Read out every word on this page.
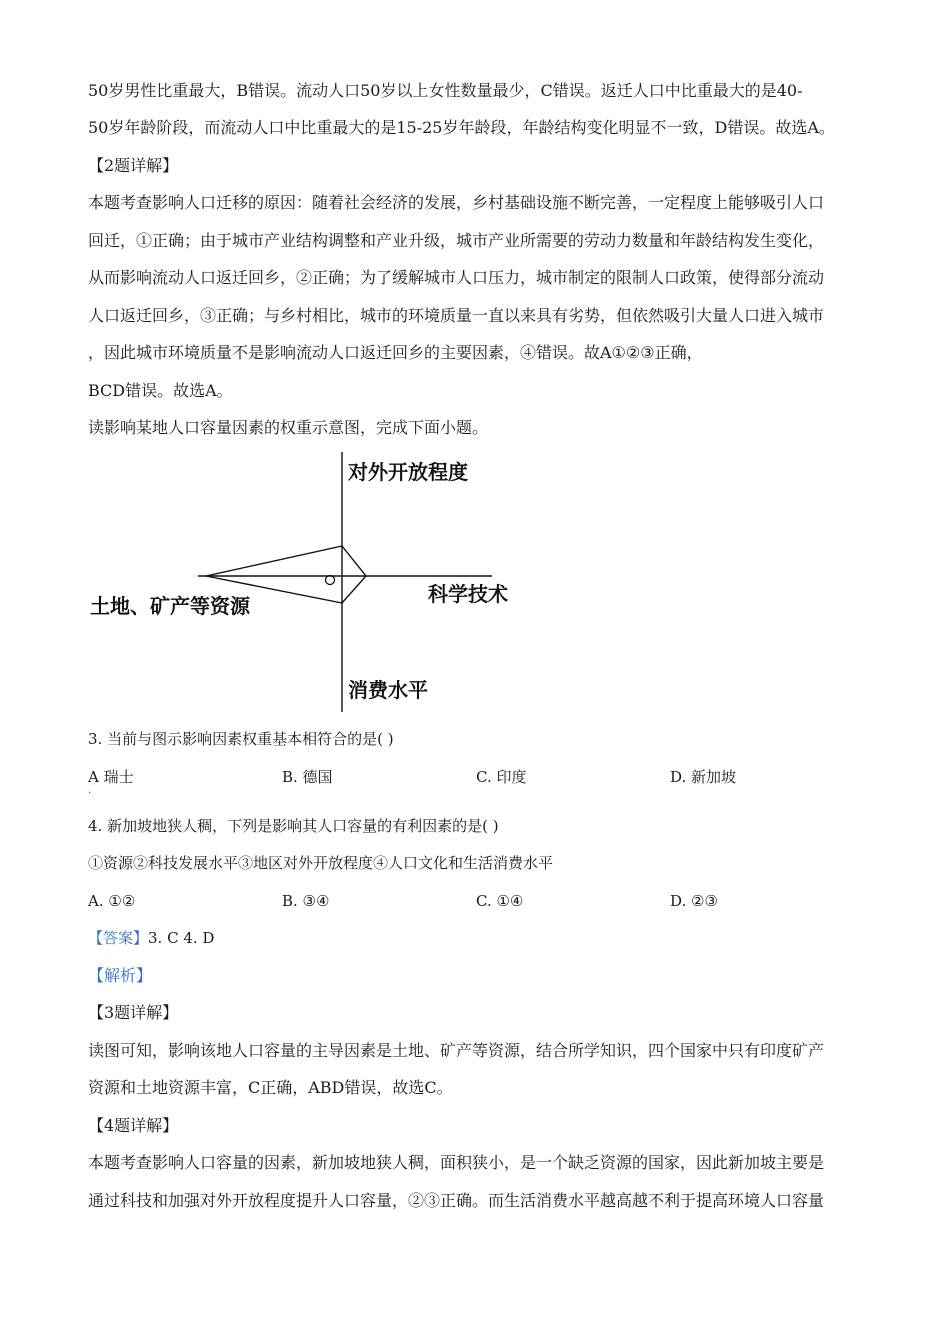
50岁男性比重最大，B错误。流动人口50岁以上女性数量最少，C错误。返迁人口中比重最大的是40-
50岁年龄阶段，而流动人口中比重最大的是15-25岁年龄段，年龄结构变化明显不一致，D错误。故选A。
【2题详解】
本题考查影响人口迁移的原因：随着社会经济的发展，乡村基础设施不断完善，一定程度上能够吸引人口
回迁，①正确；由于城市产业结构调整和产业升级，城市产业所需要的劳动力数量和年龄结构发生变化，
从而影响流动人口返迁回乡，②正确；为了缓解城市人口压力，城市制定的限制人口政策，使得部分流动
人口返迁回乡，③正确；与乡村相比，城市的环境质量一直以来具有劣势，但依然吸引大量人口进入城市
，因此城市环境质量不是影响流动人口返迁回乡的主要因素，④错误。故A①②③正确，
BCD错误。故选A。
读影响某地人口容量因素的权重示意图，完成下面小题。
对外开放程度
土地、矿产等资源	科学技术
消费水平
3. 当前与图示影响因素权重基本相符合的是( )
A 瑞士	B. 德国	C. 印度	D. 新加坡
.
4. 新加坡地狭人稠，下列是影响其人口容量的有利因素的是( )
①资源②科技发展水平③地区对外开放程度④人口文化和生活消费水平
A. ①②	B. ③④	C. ①④	D. ②③
【答案】3. C 4. D
【解析】
【3题详解】
读图可知，影响该地人口容量的主导因素是土地、矿产等资源，结合所学知识，四个国家中只有印度矿产
资源和土地资源丰富，C正确，ABD错误，故选C。
【4题详解】
本题考查影响人口容量的因素，新加坡地狭人稠，面积狭小，是一个缺乏资源的国家，因此新加坡主要是
通过科技和加强对外开放程度提升人口容量，②③正确。而生活消费水平越高越不利于提高环境人口容量
